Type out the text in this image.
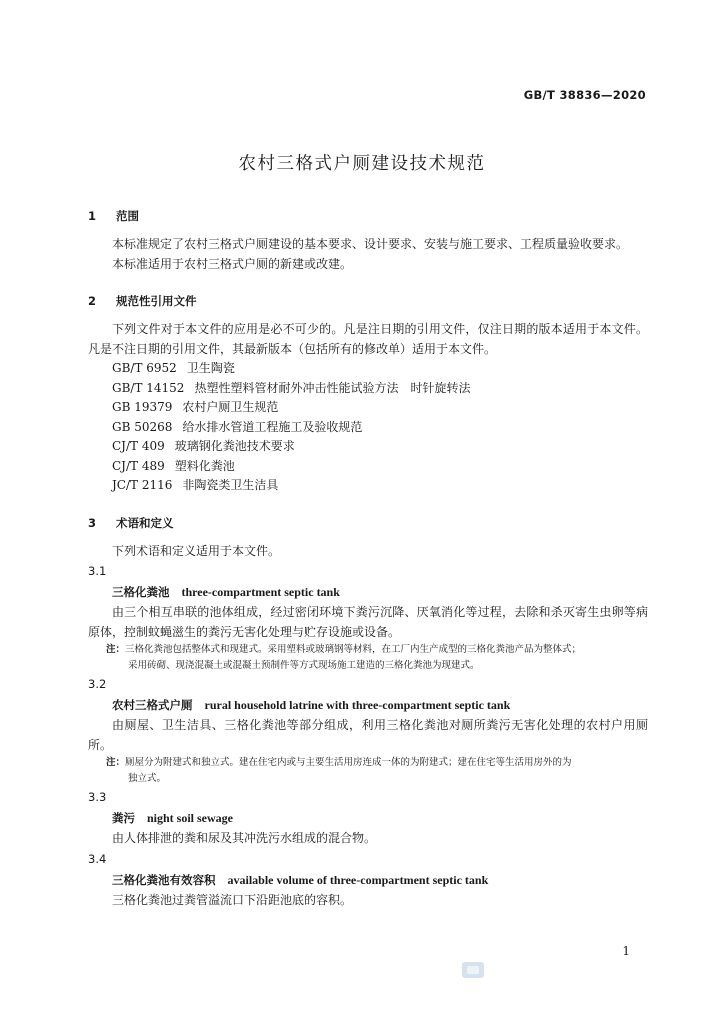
GB/T 38836—2020
农村三格式户厕建设技术规范
1 范围

本标准规定了农村三格式户厕建设的基本要求、设计要求、安装与施工要求、工程质量验收要求。

本标准适用于农村三格式户厕的新建或改建。

2 规范性引用文件

下列文件对于本文件的应用是必不可少的。凡是注日期的引用文件，仅注日期的版本适用于本文件。凡是不注日期的引用文件，其最新版本（包括所有的修改单）适用于本文件。

GB/T 6952 卫生陶瓷
GB/T 14152 热塑性塑料管材耐外冲击性能试验方法　时针旋转法
GB 19379 农村户厕卫生规范
GB 50268 给水排水管道工程施工及验收规范
CJ/T 409 玻璃钢化粪池技术要求
CJ/T 489 塑料化粪池
JC/T 2116 非陶瓷类卫生洁具
3 术语和定义

下列术语和定义适用于本文件。

3.1
三格化粪池 three-compartment septic tank

由三个相互串联的池体组成，经过密闭环境下粪污沉降、厌氧消化等过程，去除和杀灭寄生虫卵等病原体，控制蚊蝇滋生的粪污无害化处理与贮存设施或设备。

注：三格化粪池包括整体式和现建式。采用塑料或玻璃钢等材料，在工厂内生产成型的三格化粪池产品为整体式；
采用砖砌、现浇混凝土或混凝土预制件等方式现场施工建造的三格化粪池为现建式。
3.2
农村三格式户厕 rural household latrine with three-compartment septic tank

由厕屋、卫生洁具、三格化粪池等部分组成，利用三格化粪池对厕所粪污无害化处理的农村户用厕所。

注：厕屋分为附建式和独立式。建在住宅内或与主要生活用房连成一体的为附建式；建在住宅等生活用房外的为
独立式。
3.3
粪污 night soil sewage

由人体排泄的粪和尿及其冲洗污水组成的混合物。

3.4
三格化粪池有效容积 available volume of three-compartment septic tank

三格化粪池过粪管溢流口下沿距池底的容积。

1
